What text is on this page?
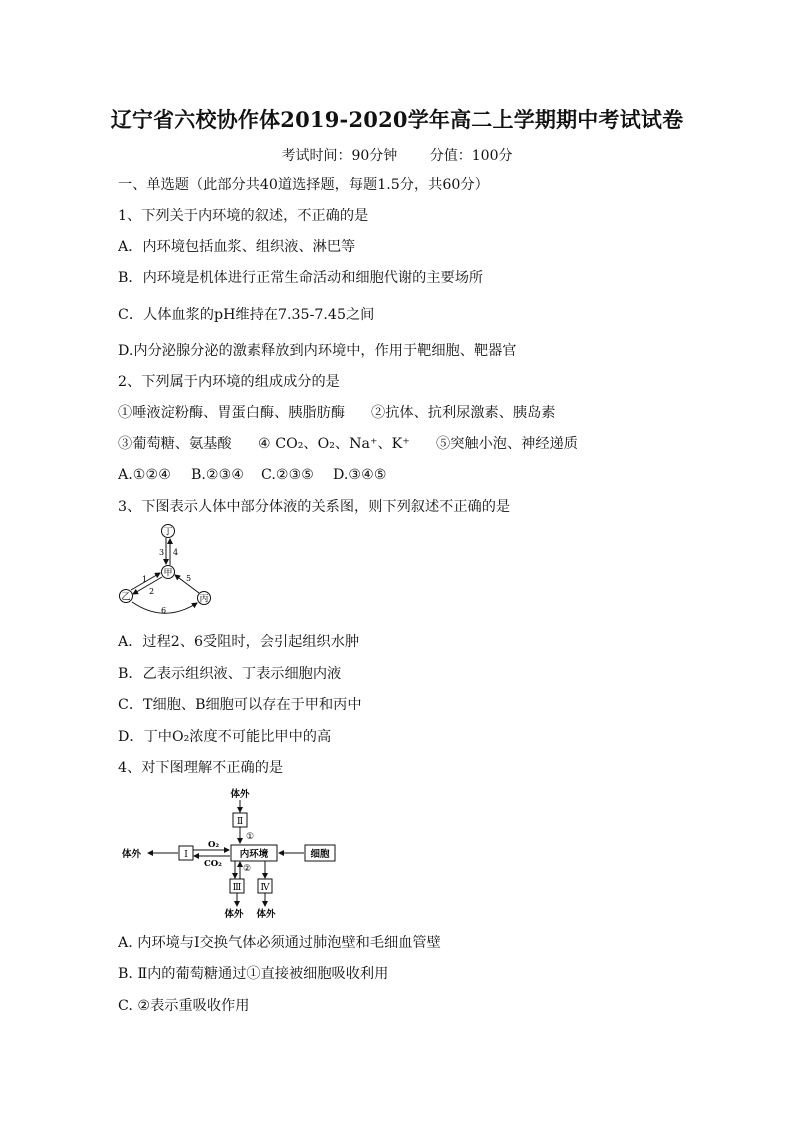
辽宁省六校协作体2019-2020学年高二上学期期中考试试卷
考试时间：90分钟 分值：100分
一、单选题（此部分共40道选择题，每题1.5分，共60分）
1、下列关于内环境的叙述，不正确的是
A．内环境包括血浆、组织液、淋巴等
B．内环境是机体进行正常生命活动和细胞代谢的主要场所
C．人体血浆的pH维持在7.35-7.45之间
D.内分泌腺分泌的激素释放到内环境中，作用于靶细胞、靶器官
2、下列属于内环境的组成成分的是
①唾液淀粉酶、胃蛋白酶、胰脂肪酶 ②抗体、抗利尿激素、胰岛素
③葡萄糖、氨基酸 ④ CO₂、O₂、Na⁺、K⁺ ⑤突触小泡、神经递质
A.①②④ B.②③④ C.②③⑤ D.③④⑤
3、下图表示人体中部分体液的关系图，则下列叙述不正确的是
丁
甲
乙	丙
3 4
1
2
5
6
A．过程2、6受阻时，会引起组织水肿
B．乙表示组织液、丁表示细胞内液
C．T细胞、B细胞可以存在于甲和丙中
D．丁中O₂浓度不可能比甲中的高
4、对下图理解不正确的是
体外
Ⅱ
①
体外	Ⅰ
O₂
CO₂
内环境	细胞
②
Ⅲ Ⅳ
体外 体外
A. 内环境与Ⅰ交换气体必须通过肺泡壁和毛细血管壁
B. Ⅱ内的葡萄糖通过①直接被细胞吸收利用
C. ②表示重吸收作用
